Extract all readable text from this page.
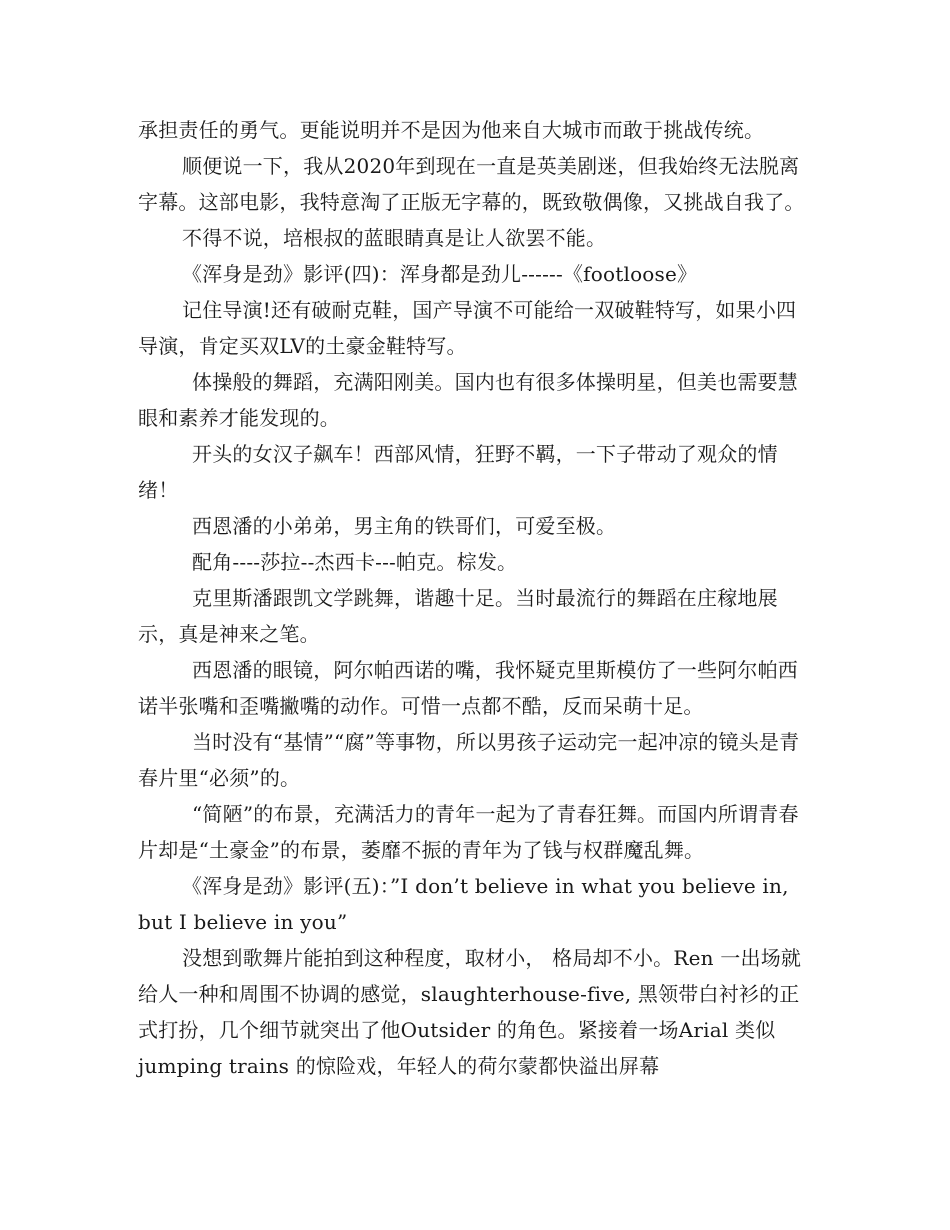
承担责任的勇气。更能说明并不是因为他来自大城市而敢于挑战传统。

顺便说一下，我从2020年到现在一直是英美剧迷，但我始终无法脱离字幕。这部电影，我特意淘了正版无字幕的，既致敬偶像，又挑战自我了。

不得不说，培根叔的蓝眼睛真是让人欲罢不能。

《浑身是劲》影评(四)：浑身都是劲儿------《footloose》

记住导演!还有破耐克鞋，国产导演不可能给一双破鞋特写，如果小四导演，肯定买双LV的土豪金鞋特写。

体操般的舞蹈，充满阳刚美。国内也有很多体操明星，但美也需要慧眼和素养才能发现的。

开头的女汉子飙车！西部风情，狂野不羁，一下子带动了观众的情绪！

西恩潘的小弟弟，男主角的铁哥们，可爱至极。

配角----莎拉--杰西卡---帕克。棕发。

克里斯潘跟凯文学跳舞，谐趣十足。当时最流行的舞蹈在庄稼地展示，真是神来之笔。

西恩潘的眼镜，阿尔帕西诺的嘴，我怀疑克里斯模仿了一些阿尔帕西诺半张嘴和歪嘴撇嘴的动作。可惜一点都不酷，反而呆萌十足。

当时没有“基情”“腐”等事物，所以男孩子运动完一起冲凉的镜头是青春片里“必须”的。

“简陋”的布景，充满活力的青年一起为了青春狂舞。而国内所谓青春片却是“土豪金”的布景，萎靡不振的青年为了钱与权群魔乱舞。

《浑身是劲》影评(五)：”I don’t believe in what you believe in, but I believe in you”

没想到歌舞片能拍到这种程度，取材小， 格局却不小。Ren 一出场就给人一种和周围不协调的感觉，slaughterhouse-five, 黑领带白衬衫的正式打扮，几个细节就突出了他Outsider 的角色。紧接着一场Arial 类似jumping trains 的惊险戏，年轻人的荷尔蒙都快溢出屏幕
